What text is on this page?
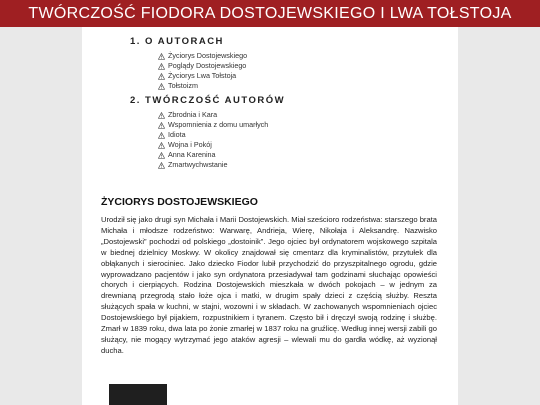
TWÓRCZOŚĆ FIODORA DOSTOJEWSKIEGO I LWA TOŁSTOJA
1. O AUTORACH
Życiorys Dostojewskiego
Poglądy Dostojewskiego
Życiorys Lwa Tołstoja
Tołstoizm
2. TWÓRCZOŚĆ AUTORÓW
Zbrodnia i Kara
Wspomnienia z domu umarłych
Idiota
Wojna i Pokój
Anna Karenina
Zmartwychwstanie
ŻYCIORYS DOSTOJEWSKIEGO

Urodził się jako drugi syn Michała i Marii Dostojewskich. Miał sześcioro rodzeństwa: starszego brata Michała i młodsze rodzeństwo: Warwarę, Andrieja, Wierę, Nikołaja i Aleksandrę. Nazwisko „Dostojewski” pochodzi od polskiego „dostoinik”. Jego ojciec był ordynatorem wojskowego szpitala w biednej dzielnicy Moskwy. W okolicy znajdował się cmentarz dla kryminalistów, przytułek dla obłąkanych i sierociniec. Jako dziecko Fiodor lubił przychodzić do przyszpitalnego ogrodu, gdzie wyprowadzano pacjentów i jako syn ordynatora przesiadywał tam godzinami słuchając opowieści chorych i cierpiących. Rodzina Dostojewskich mieszkała w dwóch pokojach – w jednym za drewnianą przegrodą stało łoże ojca i matki, w drugim spały dzieci z częścią służby. Reszta służących spała w kuchni, w stajni, wozowni i w składach. W zachowanych wspomnieniach ojciec Dostojewskiego był pijakiem, rozpustnikiem i tyranem. Często bił i dręczył swoją rodzinę i służbę. Zmarł w 1839 roku, dwa lata po żonie zmarłej w 1837 roku na gruźlicę. Według innej wersji zabili go służący, nie mogący wytrzymać jego ataków agresji – wlewali mu do gardła wódkę, aż wyzionął ducha.
